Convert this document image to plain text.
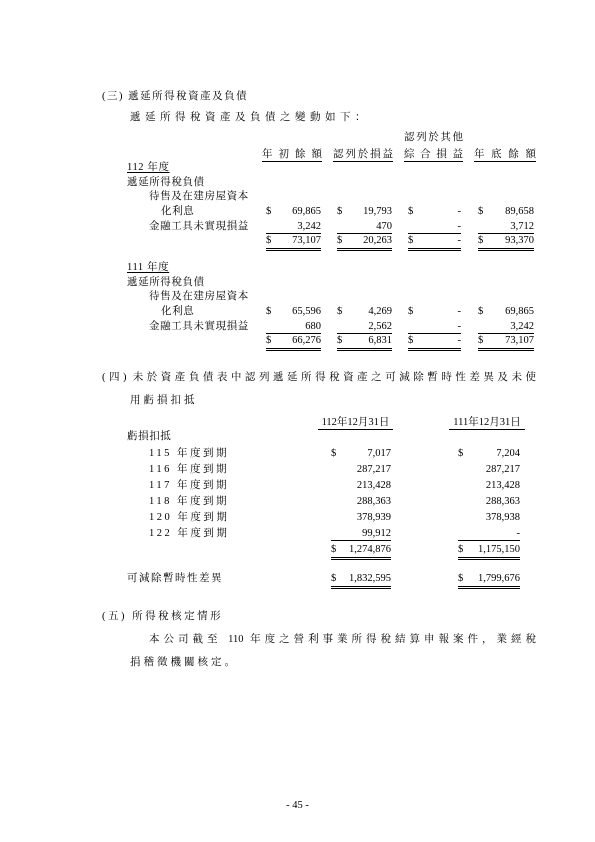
(三) 遞延所得稅資產及負債
遞延所得稅資產及負債之變動如下：
認列於其他
年初餘額 認列於損益 綜合損益 年底餘額
112 年度
遞延所得稅負債
待售及在建房屋資本
化利息	$ 69,865 $ 19,793 $	- $ 89,658
金融工具未實現損益	3,242	470	-	3,712
$ 73,107 $ 20,263 $	- $ 93,370
111 年度
遞延所得稅負債
待售及在建房屋資本
化利息	$ 65,596 $ 4,269 $	- $ 69,865
金融工具未實現損益	680	2,562	-	3,242
$ 66,276 $ 6,831 $	- $ 73,107
(四) 未於資產負債表中認列遞延所得稅資產之可減除暫時性差異及未使
用虧損扣抵
112年12月31日	111年12月31日
虧損扣抵
115 年度到期	$	7,017	$	7,204
116 年度到期	287,217	287,217
117 年度到期	213,428	213,428
118 年度到期	288,363	288,363
120 年度到期	378,939	378,938
122 年度到期	99,912	-
$ 1,274,876	$ 1,175,150
可減除暫時性差異	$ 1,832,595	$ 1,799,676
(五) 所得稅核定情形
本公司截至 110 年度之營利事業所得稅結算申報案件，業經稅
捐稽徵機關核定。
- 45 -
